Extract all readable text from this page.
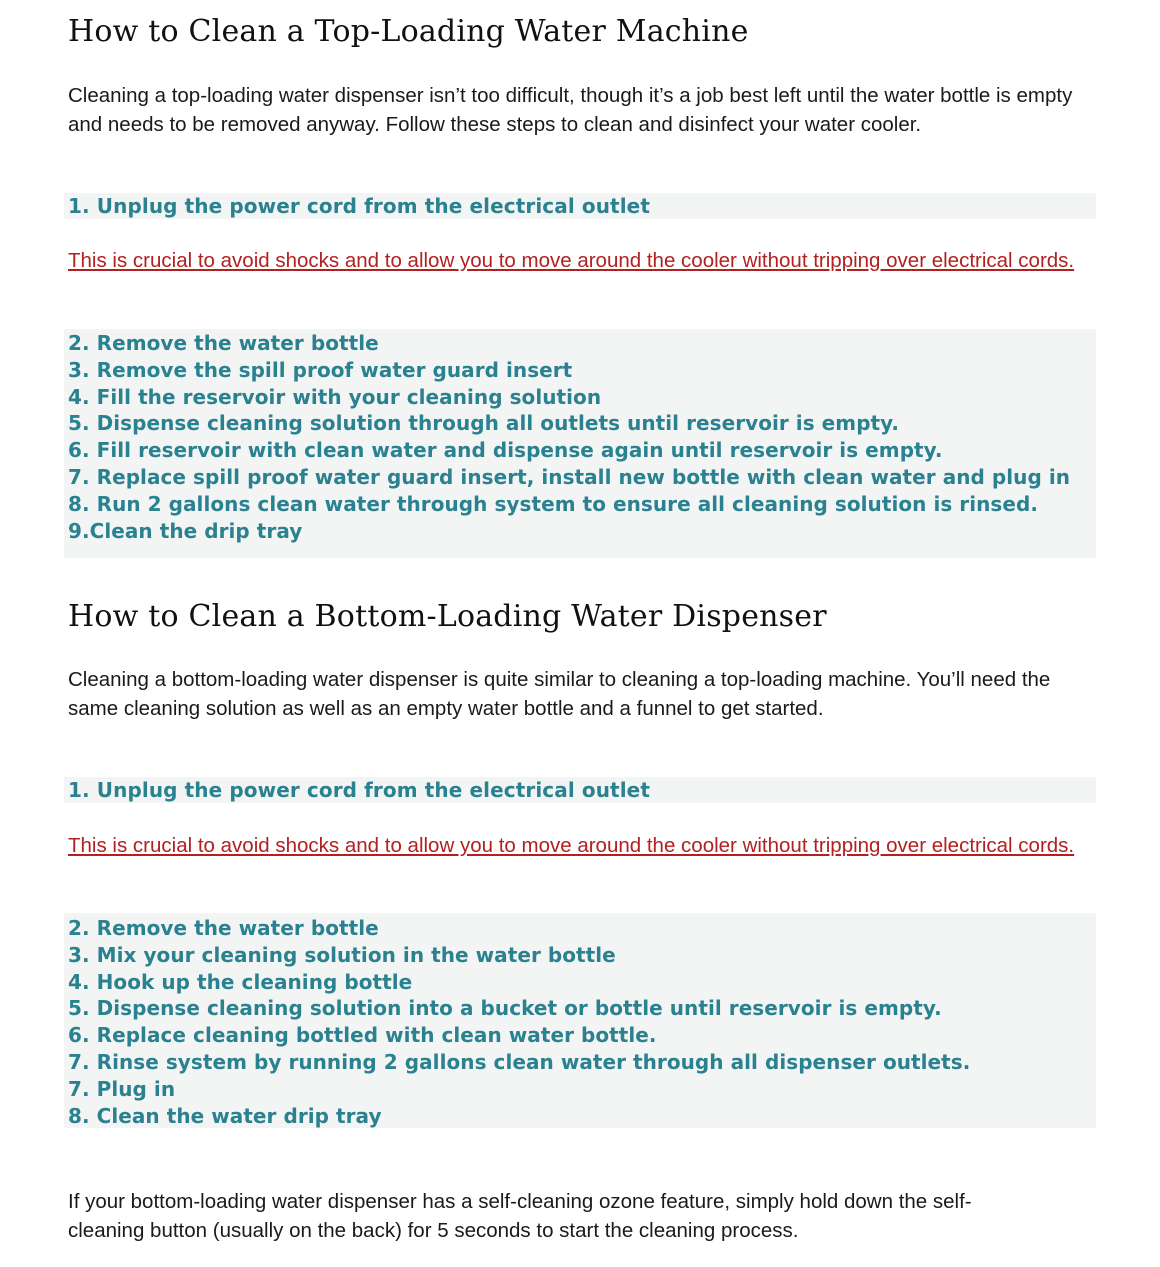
How to Clean a Top-Loading Water Machine

Cleaning a top-loading water dispenser isn’t too difficult, though it’s a job best left until the water bottle is empty and needs to be removed anyway. Follow these steps to clean and disinfect your water cooler.

1. Unplug the power cord from the electrical outlet

This is crucial to avoid shocks and to allow you to move around the cooler without tripping over electrical cords.

2. Remove the water bottle
3. Remove the spill proof water guard insert
4. Fill the reservoir with your cleaning solution
5. Dispense cleaning solution through all outlets until reservoir is empty.
6. Fill reservoir with clean water and dispense again until reservoir is empty.
7. Replace spill proof water guard insert, install new bottle with clean water and plug in
8. Run 2 gallons clean water through system to ensure all cleaning solution is rinsed.
9.Clean the drip tray
How to Clean a Bottom-Loading Water Dispenser

Cleaning a bottom-loading water dispenser is quite similar to cleaning a top-loading machine. You’ll need the same cleaning solution as well as an empty water bottle and a funnel to get started.

1. Unplug the power cord from the electrical outlet

This is crucial to avoid shocks and to allow you to move around the cooler without tripping over electrical cords.

2. Remove the water bottle
3. Mix your cleaning solution in the water bottle
4. Hook up the cleaning bottle
5. Dispense cleaning solution into a bucket or bottle until reservoir is empty.
6. Replace cleaning bottled with clean water bottle.
7. Rinse system by running 2 gallons clean water through all dispenser outlets.
7. Plug in
8. Clean the water drip tray

If your bottom-loading water dispenser has a self-cleaning ozone feature, simply hold down the self-cleaning button (usually on the back) for 5 seconds to start the cleaning process.
